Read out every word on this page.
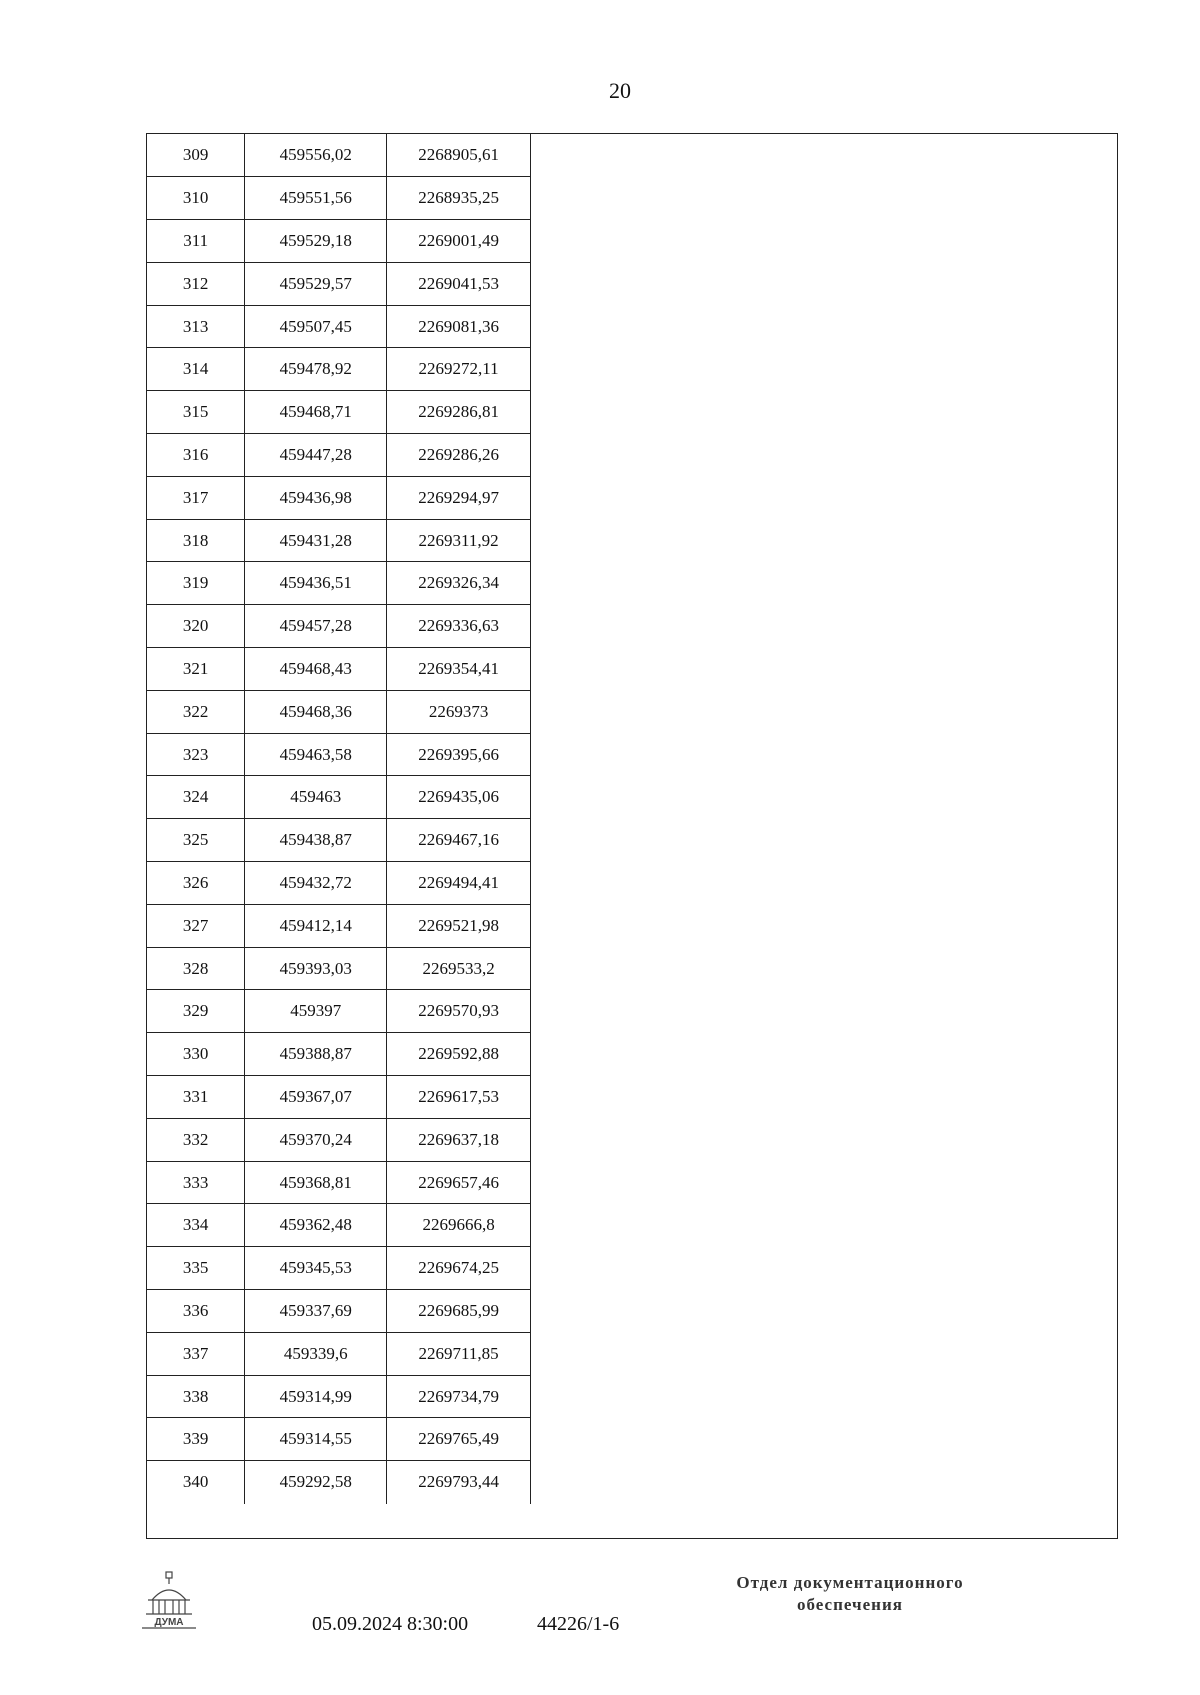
20
309	459556,02	2268905,61
310	459551,56	2268935,25
311	459529,18	2269001,49
312	459529,57	2269041,53
313	459507,45	2269081,36
314	459478,92	2269272,11
315	459468,71	2269286,81
316	459447,28	2269286,26
317	459436,98	2269294,97
318	459431,28	2269311,92
319	459436,51	2269326,34
320	459457,28	2269336,63
321	459468,43	2269354,41
322	459468,36	2269373
323	459463,58	2269395,66
324	459463	2269435,06
325	459438,87	2269467,16
326	459432,72	2269494,41
327	459412,14	2269521,98
328	459393,03	2269533,2
329	459397	2269570,93
330	459388,87	2269592,88
331	459367,07	2269617,53
332	459370,24	2269637,18
333	459368,81	2269657,46
334	459362,48	2269666,8
335	459345,53	2269674,25
336	459337,69	2269685,99
337	459339,6	2269711,85
338	459314,99	2269734,79
339	459314,55	2269765,49
340	459292,58	2269793,44
ДУМА	05.09.2024 8:30:00	44226/1-6
Отдел документационного
обеспечения
